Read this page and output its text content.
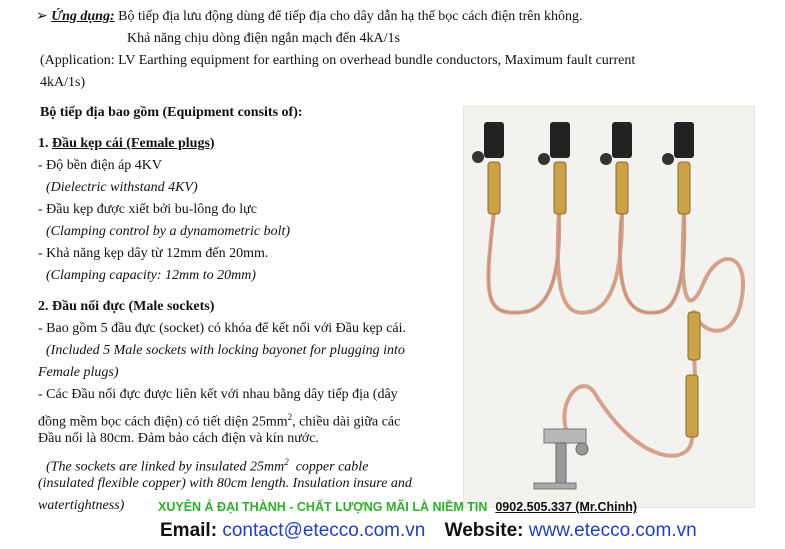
➢ Ứng dụng: Bộ tiếp địa lưu động dùng để tiếp địa cho dây dẫn hạ thế bọc cách điện trên không.
Khả năng chịu dòng điện ngắn mạch đến 4kA/1s
(Application: LV Earthing equipment for earthing on overhead bundle conductors, Maximum fault current
4kA/1s)
Bộ tiếp địa bao gồm (Equipment consits of):
1. Đầu kẹp cái (Female plugs)
- Độ bền điện áp 4KV
(Dielectric withstand 4KV)
- Đầu kẹp được xiết bởi bu-lông đo lực
(Clamping control by a dynamometric bolt)
- Khả năng kẹp dây từ 12mm đến 20mm.
(Clamping capacity: 12mm to 20mm)
2. Đầu nối đực (Male sockets)
- Bao gồm 5 đầu đực (socket) có khóa để kết nối với Đầu kẹp cái.
(Included 5 Male sockets with locking bayonet for plugging into
Female plugs)
- Các Đầu nối đực được liên kết với nhau bằng dây tiếp địa (dây
đồng mềm bọc cách điện) có tiết diện $25mm^2$, chiều dài giữa các
Đầu nối là 80cm. Đảm bảo cách điện và kín nước.
(The sockets are linked by insulated $25mm^2$  copper cable
(insulated flexible copper) with 80cm length. Insulation insure and
watertightness)	XUYÊN Á ĐẠI THÀNH - CHẤT LƯỢNG MÃI LÀ NIỀM TIN 0902.505.337 (Mr.Chinh)
Email: contact@etecco.com.vn Website: www.etecco.com.vn
